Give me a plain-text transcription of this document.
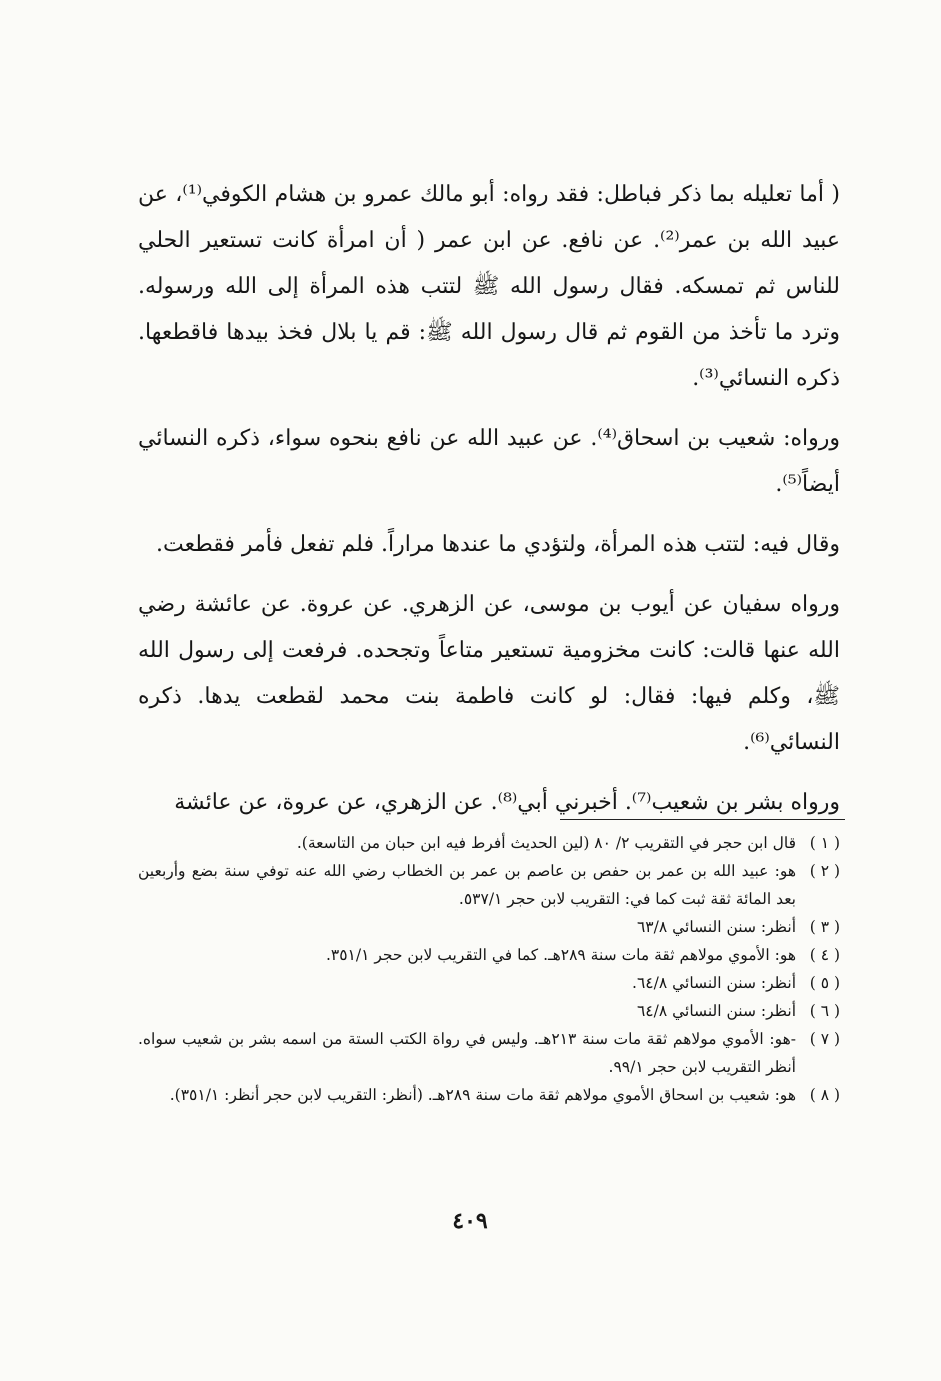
( أما تعليله بما ذكر فباطل: فقد رواه: أبو مالك عمرو بن هشام الكوفي⁽¹⁾، عن عبيد الله بن عمر⁽²⁾. عن نافع. عن ابن عمر ( أن امرأة كانت تستعير الحلي للناس ثم تمسكه. فقال رسول الله ﷺ لتتب هذه المرأة إلى الله ورسوله. وترد ما تأخذ من القوم ثم قال رسول الله ﷺ: قم يا بلال فخذ بيدها فاقطعها. ذكره النسائي⁽³⁾.

ورواه: شعيب بن اسحاق⁽⁴⁾. عن عبيد الله عن نافع بنحوه سواء، ذكره النسائي أيضاً⁽⁵⁾.

وقال فيه: لتتب هذه المرأة، ولتؤدي ما عندها مراراً. فلم تفعل فأمر فقطعت.

ورواه سفيان عن أيوب بن موسى، عن الزهري. عن عروة. عن عائشة رضي الله عنها قالت: كانت مخزومية تستعير متاعاً وتجحده. فرفعت إلى رسول الله ﷺ، وكلم فيها: فقال: لو كانت فاطمة بنت محمد لقطعت يدها. ذكره النسائي⁽⁶⁾.

ورواه بشر بن شعيب⁽⁷⁾. أخبرني أبي⁽⁸⁾. عن الزهري، عن عروة، عن عائشة

( ١ )
قال ابن حجر في التقريب ٢/ ٨٠ (لين الحديث أفرط فيه ابن حبان من التاسعة).
( ٢ )
هو: عبيد الله بن عمر بن حفص بن عاصم بن عمر بن الخطاب رضي الله عنه توفي سنة بضع وأربعين بعد المائة ثقة ثبت كما في: التقريب لابن حجر ٥٣٧/١.
( ٣ )
أنظر: سنن النسائي ٦٣/٨
( ٤ )
هو: الأموي مولاهم ثقة مات سنة ٢٨٩هـ. كما في التقريب لابن حجر ٣٥١/١.
( ٥ )
أنظر: سنن النسائي ٦٤/٨.
( ٦ )
أنظر: سنن النسائي ٦٤/٨
( ٧ )
-هو: الأموي مولاهم ثقة مات سنة ٢١٣هـ. وليس في رواة الكتب الستة من اسمه بشر بن شعيب سواه. أنظر التقريب لابن حجر ٩٩/١.
( ٨ )
هو: شعيب بن اسحاق الأموي مولاهم ثقة مات سنة ٢٨٩هـ. (أنظر: التقريب لابن حجر أنظر: ٣٥١/١).
٤٠٩
